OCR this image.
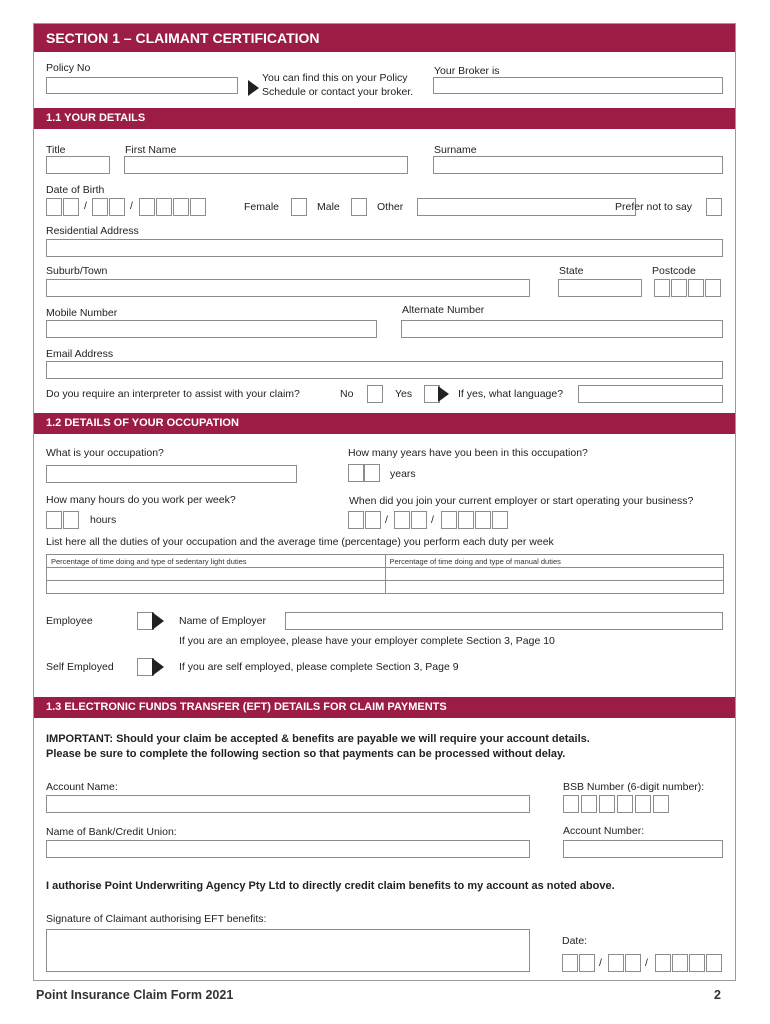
SECTION 1 – CLAIMANT CERTIFICATION
Policy No
You can find this on your Policy
Schedule or contact your broker.
Your Broker is
1.1 YOUR DETAILS
Title	First Name	Surname
Date of Birth
/	/	Female	Male	Other	Prefer not to say
Residential Address
Suburb/Town	State	Postcode
Mobile Number	Alternate Number
Email Address
Do you require an interpreter to assist with your claim?	No	Yes	If yes, what language?
1.2 DETAILS OF YOUR OCCUPATION
What is your occupation?	How many years have you been in this occupation?
years
How many hours do you work per week?
hours
When did you join your current employer or start operating your business?
/	/
List here all the duties of your occupation and the average time (percentage) you perform each duty per week
Percentage of time doing and type of sedentary light duties	Percentage of time doing and type of manual duties

Employee	Name of Employer
If you are an employee, please have your employer complete Section 3, Page 10
Self Employed	If you are self employed, please complete Section 3, Page 9
1.3 ELECTRONIC FUNDS TRANSFER (EFT) DETAILS FOR CLAIM PAYMENTS
IMPORTANT: Should your claim be accepted & benefits are payable we will require your account details.
Please be sure to complete the following section so that payments can be processed without delay.
Account Name:	BSB Number (6-digit number):
Name of Bank/Credit Union:	Account Number:
I authorise Point Underwriting Agency Pty Ltd to directly credit claim benefits to my account as noted above.
Signature of Claimant authorising EFT benefits:
Date:
/	/
Point Insurance Claim Form 2021	2
